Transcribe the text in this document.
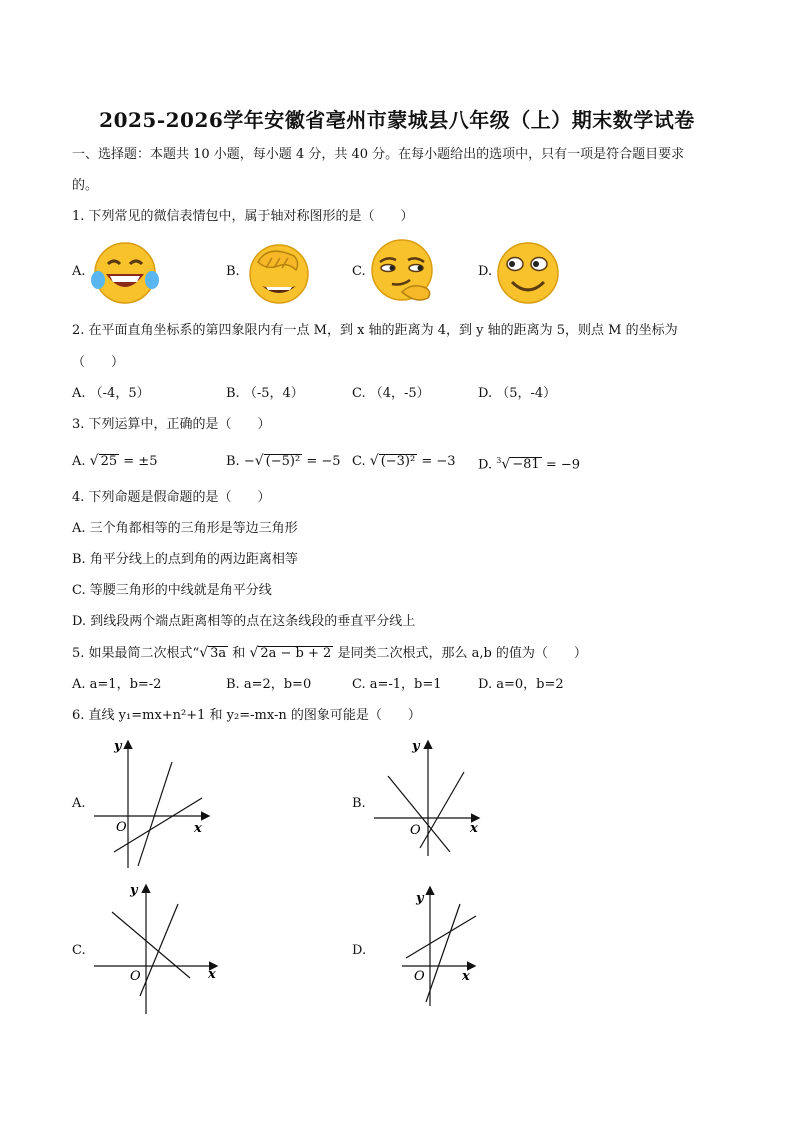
2025-2026学年安徽省亳州市蒙城县八年级（上）期末数学试卷
一、选择题：本题共 10 小题，每小题 4 分，共 40 分。在每小题给出的选项中，只有一项是符合题目要求
的。
1. 下列常见的微信表情包中，属于轴对称图形的是（　　）
A.	B.	C.	D.
2. 在平面直角坐标系的第四象限内有一点 M，到 x 轴的距离为 4，到 y 轴的距离为 5，则点 M 的坐标为
（　　）
A. （-4，5）	B. （-5，4）	C. （4，-5）	D. （5，-4）
3. 下列运算中，正确的是（　　）
A. √ 25 = ±5	B. −√ (−5)² = −5 C. √ (−3)² = −3 D. $^3$√ −81 = −9
4. 下列命题是假命题的是（　　）
A. 三个角都相等的三角形是等边三角形
B. 角平分线上的点到角的两边距离相等
C. 等腰三角形的中线就是角平分线
D. 到线段两个端点距离相等的点在这条线段的垂直平分线上
5. 如果最简二次根式“√ 3a 和 √ 2a − b + 2 是同类二次根式，那么 a,b 的值为（　　）
A. a=1，b=-2	B. a=2，b=0	C. a=-1，b=1	D. a=0，b=2
6. 直线 y₁=mx+n²+1 和 y₂=-mx-n 的图象可能是（　　）
A.
y
x
O
B.
y
x
O
C.
y
x
O
D.
y
x
O
